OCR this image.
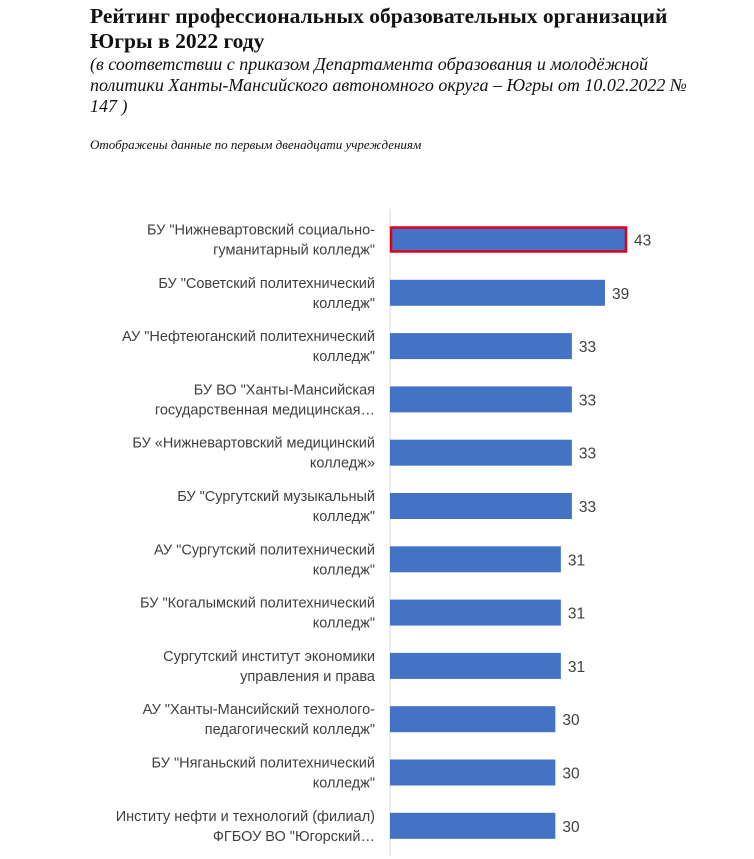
Рейтинг профессиональных образовательных организаций Югры в 2022 году
(в соответствии с приказом Департамента образования и молодёжной политики Ханты-Мансийского автономного округа – Югры от 10.02.2022 № 147 )
Отображены данные по первым двенадцати учреждениям
43
БУ "Нижневартовский социально-
гуманитарный колледж"
39
БУ "Советский политехнический
колледж"
33
АУ "Нефтеюганский политехнический
колледж"
33
БУ ВО "Ханты-Мансийская
государственная медицинская…
33
БУ «Нижневартовский медицинский
колледж»
33
БУ "Сургутский музыкальный
колледж"
31
АУ "Сургутский политехнический
колледж"
31
БУ "Когалымский политехнический
колледж"
31
Сургутский институт экономики
управления и права
30
АУ "Ханты-Мансийский технолого-
педагогический колледж"
30
БУ "Няганьский политехнический
колледж"
30
Институ нефти и технологий (филиал)
ФГБОУ ВО "Югорский…
